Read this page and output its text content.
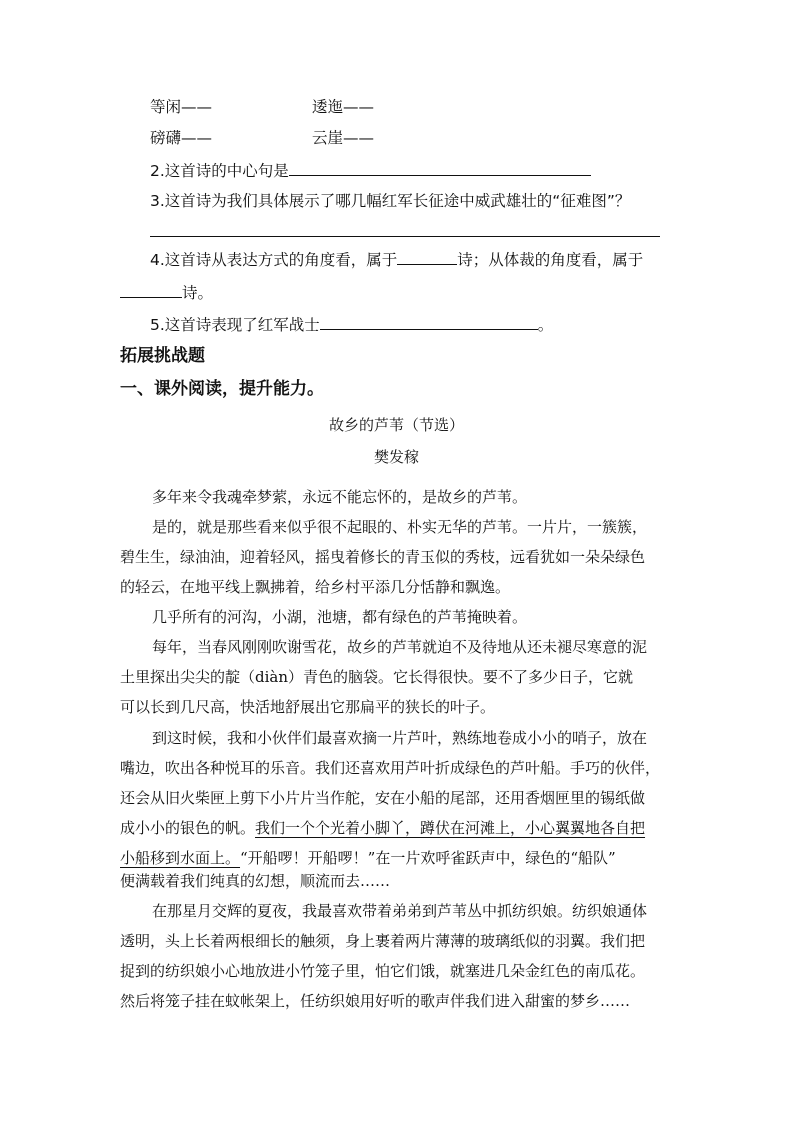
等闲——	逶迤——
磅礴——	云崖——
2.这首诗的中心句是
3.这首诗为我们具体展示了哪几幅红军长征途中威武雄壮的“征难图”？
4.这首诗从表达方式的角度看，属于	诗；从体裁的角度看，属于
诗。
5.这首诗表现了红军战士	。
拓展挑战题
一、课外阅读，提升能力。
故乡的芦苇（节选）
樊发稼
多年来令我魂牵梦萦，永远不能忘怀的，是故乡的芦苇。
是的，就是那些看来似乎很不起眼的、朴实无华的芦苇。一片片，一簇簇，
碧生生，绿油油，迎着轻风，摇曳着修长的青玉似的秀枝，远看犹如一朵朵绿色
的轻云，在地平线上飘拂着，给乡村平添几分恬静和飘逸。
几乎所有的河沟，小湖，池塘，都有绿色的芦苇掩映着。
每年，当春风刚刚吹谢雪花，故乡的芦苇就迫不及待地从还未褪尽寒意的泥
土里探出尖尖的靛（diàn）青色的脑袋。它长得很快。要不了多少日子，它就
可以长到几尺高，快活地舒展出它那扁平的狭长的叶子。
到这时候，我和小伙伴们最喜欢摘一片芦叶，熟练地卷成小小的哨子，放在
嘴边，吹出各种悦耳的乐音。我们还喜欢用芦叶折成绿色的芦叶船。手巧的伙伴，
还会从旧火柴匣上剪下小片片当作舵，安在小船的尾部，还用香烟匣里的锡纸做
成小小的银色的帆。我们一个个光着小脚丫，蹲伏在河滩上，小心翼翼地各自把
小船移到水面上。“开船啰！开船啰！”在一片欢呼雀跃声中，绿色的“船队”
便满载着我们纯真的幻想，顺流而去……
在那星月交辉的夏夜，我最喜欢带着弟弟到芦苇丛中抓纺织娘。纺织娘通体
透明，头上长着两根细长的触须，身上裹着两片薄薄的玻璃纸似的羽翼。我们把
捉到的纺织娘小心地放进小竹笼子里，怕它们饿，就塞进几朵金红色的南瓜花。
然后将笼子挂在蚊帐架上，任纺织娘用好听的歌声伴我们进入甜蜜的梦乡……
